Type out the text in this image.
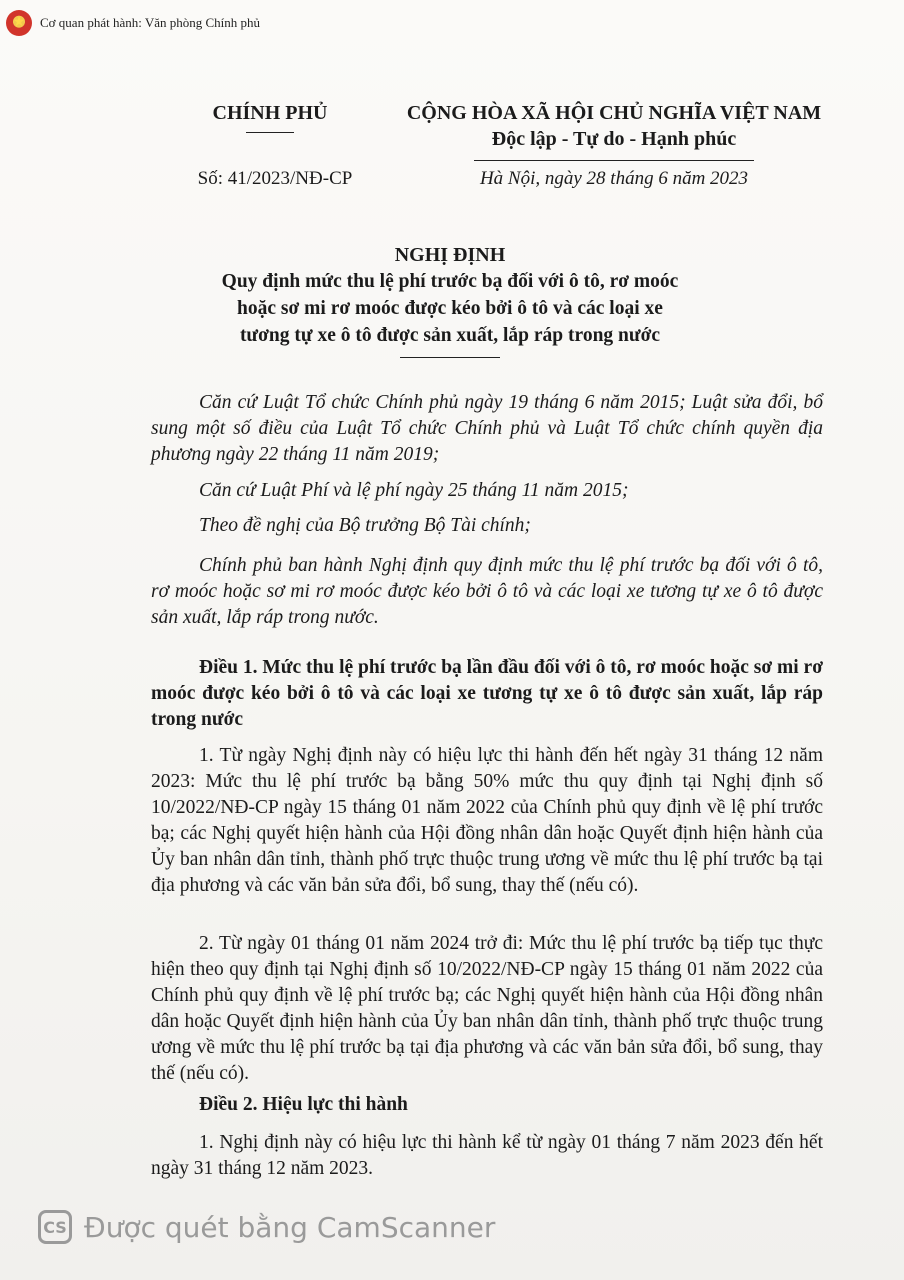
★	Cơ quan phát hành: Văn phòng Chính phủ
CHÍNH PHỦ	CỘNG HÒA XÃ HỘI CHỦ NGHĨA VIỆT NAM
Độc lập - Tự do - Hạnh phúc
Số: 41/2023/NĐ-CP	Hà Nội, ngày 28 tháng 6 năm 2023
NGHỊ ĐỊNH
Quy định mức thu lệ phí trước bạ đối với ô tô, rơ moóc
hoặc sơ mi rơ moóc được kéo bởi ô tô và các loại xe
tương tự xe ô tô được sản xuất, lắp ráp trong nước
Căn cứ Luật Tổ chức Chính phủ ngày 19 tháng 6 năm 2015; Luật sửa đổi, bổ sung một số điều của Luật Tổ chức Chính phủ và Luật Tổ chức chính quyền địa phương ngày 22 tháng 11 năm 2019;
Căn cứ Luật Phí và lệ phí ngày 25 tháng 11 năm 2015;
Theo đề nghị của Bộ trưởng Bộ Tài chính;
Chính phủ ban hành Nghị định quy định mức thu lệ phí trước bạ đối với ô tô, rơ moóc hoặc sơ mi rơ moóc được kéo bởi ô tô và các loại xe tương tự xe ô tô được sản xuất, lắp ráp trong nước.
Điều 1. Mức thu lệ phí trước bạ lần đầu đối với ô tô, rơ moóc hoặc sơ mi rơ moóc được kéo bởi ô tô và các loại xe tương tự xe ô tô được sản xuất, lắp ráp trong nước
1. Từ ngày Nghị định này có hiệu lực thi hành đến hết ngày 31 tháng 12 năm 2023: Mức thu lệ phí trước bạ bằng 50% mức thu quy định tại Nghị định số 10/2022/NĐ-CP ngày 15 tháng 01 năm 2022 của Chính phủ quy định về lệ phí trước bạ; các Nghị quyết hiện hành của Hội đồng nhân dân hoặc Quyết định hiện hành của Ủy ban nhân dân tỉnh, thành phố trực thuộc trung ương về mức thu lệ phí trước bạ tại địa phương và các văn bản sửa đổi, bổ sung, thay thế (nếu có).
2. Từ ngày 01 tháng 01 năm 2024 trở đi: Mức thu lệ phí trước bạ tiếp tục thực hiện theo quy định tại Nghị định số 10/2022/NĐ-CP ngày 15 tháng 01 năm 2022 của Chính phủ quy định về lệ phí trước bạ; các Nghị quyết hiện hành của Hội đồng nhân dân hoặc Quyết định hiện hành của Ủy ban nhân dân tỉnh, thành phố trực thuộc trung ương về mức thu lệ phí trước bạ tại địa phương và các văn bản sửa đổi, bổ sung, thay thế (nếu có).
Điều 2. Hiệu lực thi hành
1. Nghị định này có hiệu lực thi hành kể từ ngày 01 tháng 7 năm 2023 đến hết ngày 31 tháng 12 năm 2023.
CS Được quét bằng CamScanner
